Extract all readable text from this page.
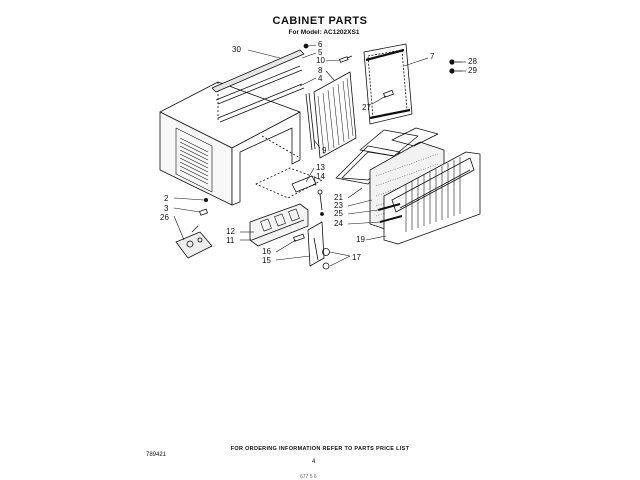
CABINET PARTS
For Model: AC1202XS1
30
6
5
10
8
4
7
28
29
27
9
13
14
2
3
26
21
23
25
24
12
11	19
16
15	17
FOR ORDERING INFORMATION REFER TO PARTS PRICE LIST
789421
4
677 5 6
